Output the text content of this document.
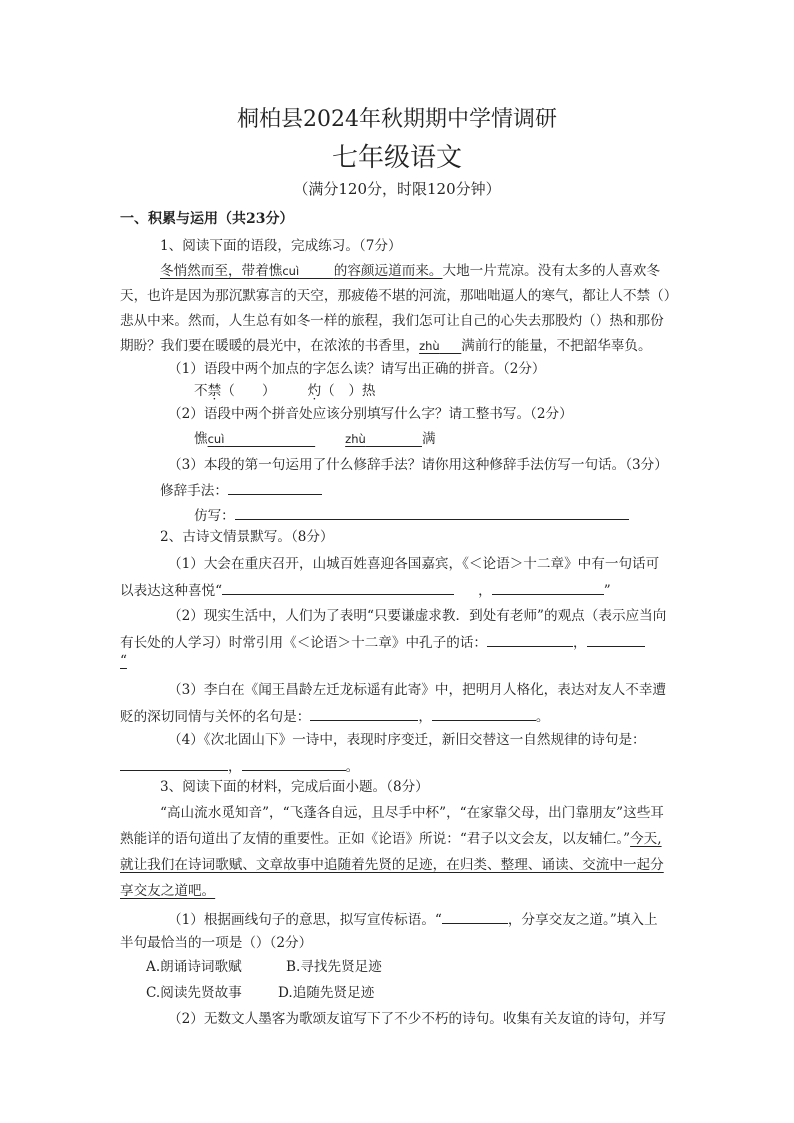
桐柏县2024年秋期期中学情调研
七年级语文
（满分120分，时限120分钟）
一、积累与运用（共23分）
1、阅读下面的语段，完成练习。（7分）
冬悄然而至，带着憔cuì	的容颜远道而来。大地一片荒凉。没有太多的人喜欢冬
天，也许是因为那沉默寡言的天空，那疲倦不堪的河流，那咄咄逼人的寒气，都让人不禁（）
悲从中来。然而，人生总有如冬一样的旅程，我们怎可让自己的心失去那股灼（）热和那份
期盼？我们要在暖暖的晨光中，在浓浓的书香里，zhù 满前行的能量，不把韶华辜负。
（1）语段中两个加点的字怎么读？请写出正确的拼音。（2分）
不禁（　　） 灼（　）热
（2）语段中两个拼音处应该分别填写什么字？请工整书写。（2分）
憔cuì	zhù	满
（3）本段的第一句运用了什么修辞手法？请你用这种修辞手法仿写一句话。（3分）
修辞手法：
仿写：
2、古诗文情景默写。（8分）
（1）大会在重庆召开，山城百姓喜迎各国嘉宾，《＜论语＞十二章》中有一句话可
以表达这种喜悦“	，	”
（2）现实生活中，人们为了表明“只要谦虚求教．到处有老师”的观点（表示应当向
有长处的人学习）时常引用《＜论语＞十二章》中孔子的话：	，
“
（3）李白在《闻王昌龄左迁龙标遥有此寄》中，把明月人格化，表达对友人不幸遭
贬的深切同情与关怀的名句是：	，	。
（4）《次北固山下》一诗中，表现时序变迁，新旧交替这一自然规律的诗句是：
，	。
3、阅读下面的材料，完成后面小题。（8分）
“高山流水觅知音”，“飞蓬各自远，且尽手中杯”，“在家靠父母，出门靠朋友”这些耳
熟能详的语句道出了友情的重要性。正如《论语》所说：“君子以文会友，以友辅仁。”今天,
就让我们在诗词歌赋、文章故事中追随着先贤的足迹，在归类、整理、诵读、交流中一起分
享交友之道吧。
（1）根据画线句子的意思，拟写宣传标语。“	，分享交友之道。”填入上
半句最恰当的一项是（）（2分）
A.朗诵诗词歌赋	B.寻找先贤足迹
C.阅读先贤故事	D.追随先贤足迹
（2）无数文人墨客为歌颂友谊写下了不少不朽的诗句。收集有关友谊的诗句，并写
